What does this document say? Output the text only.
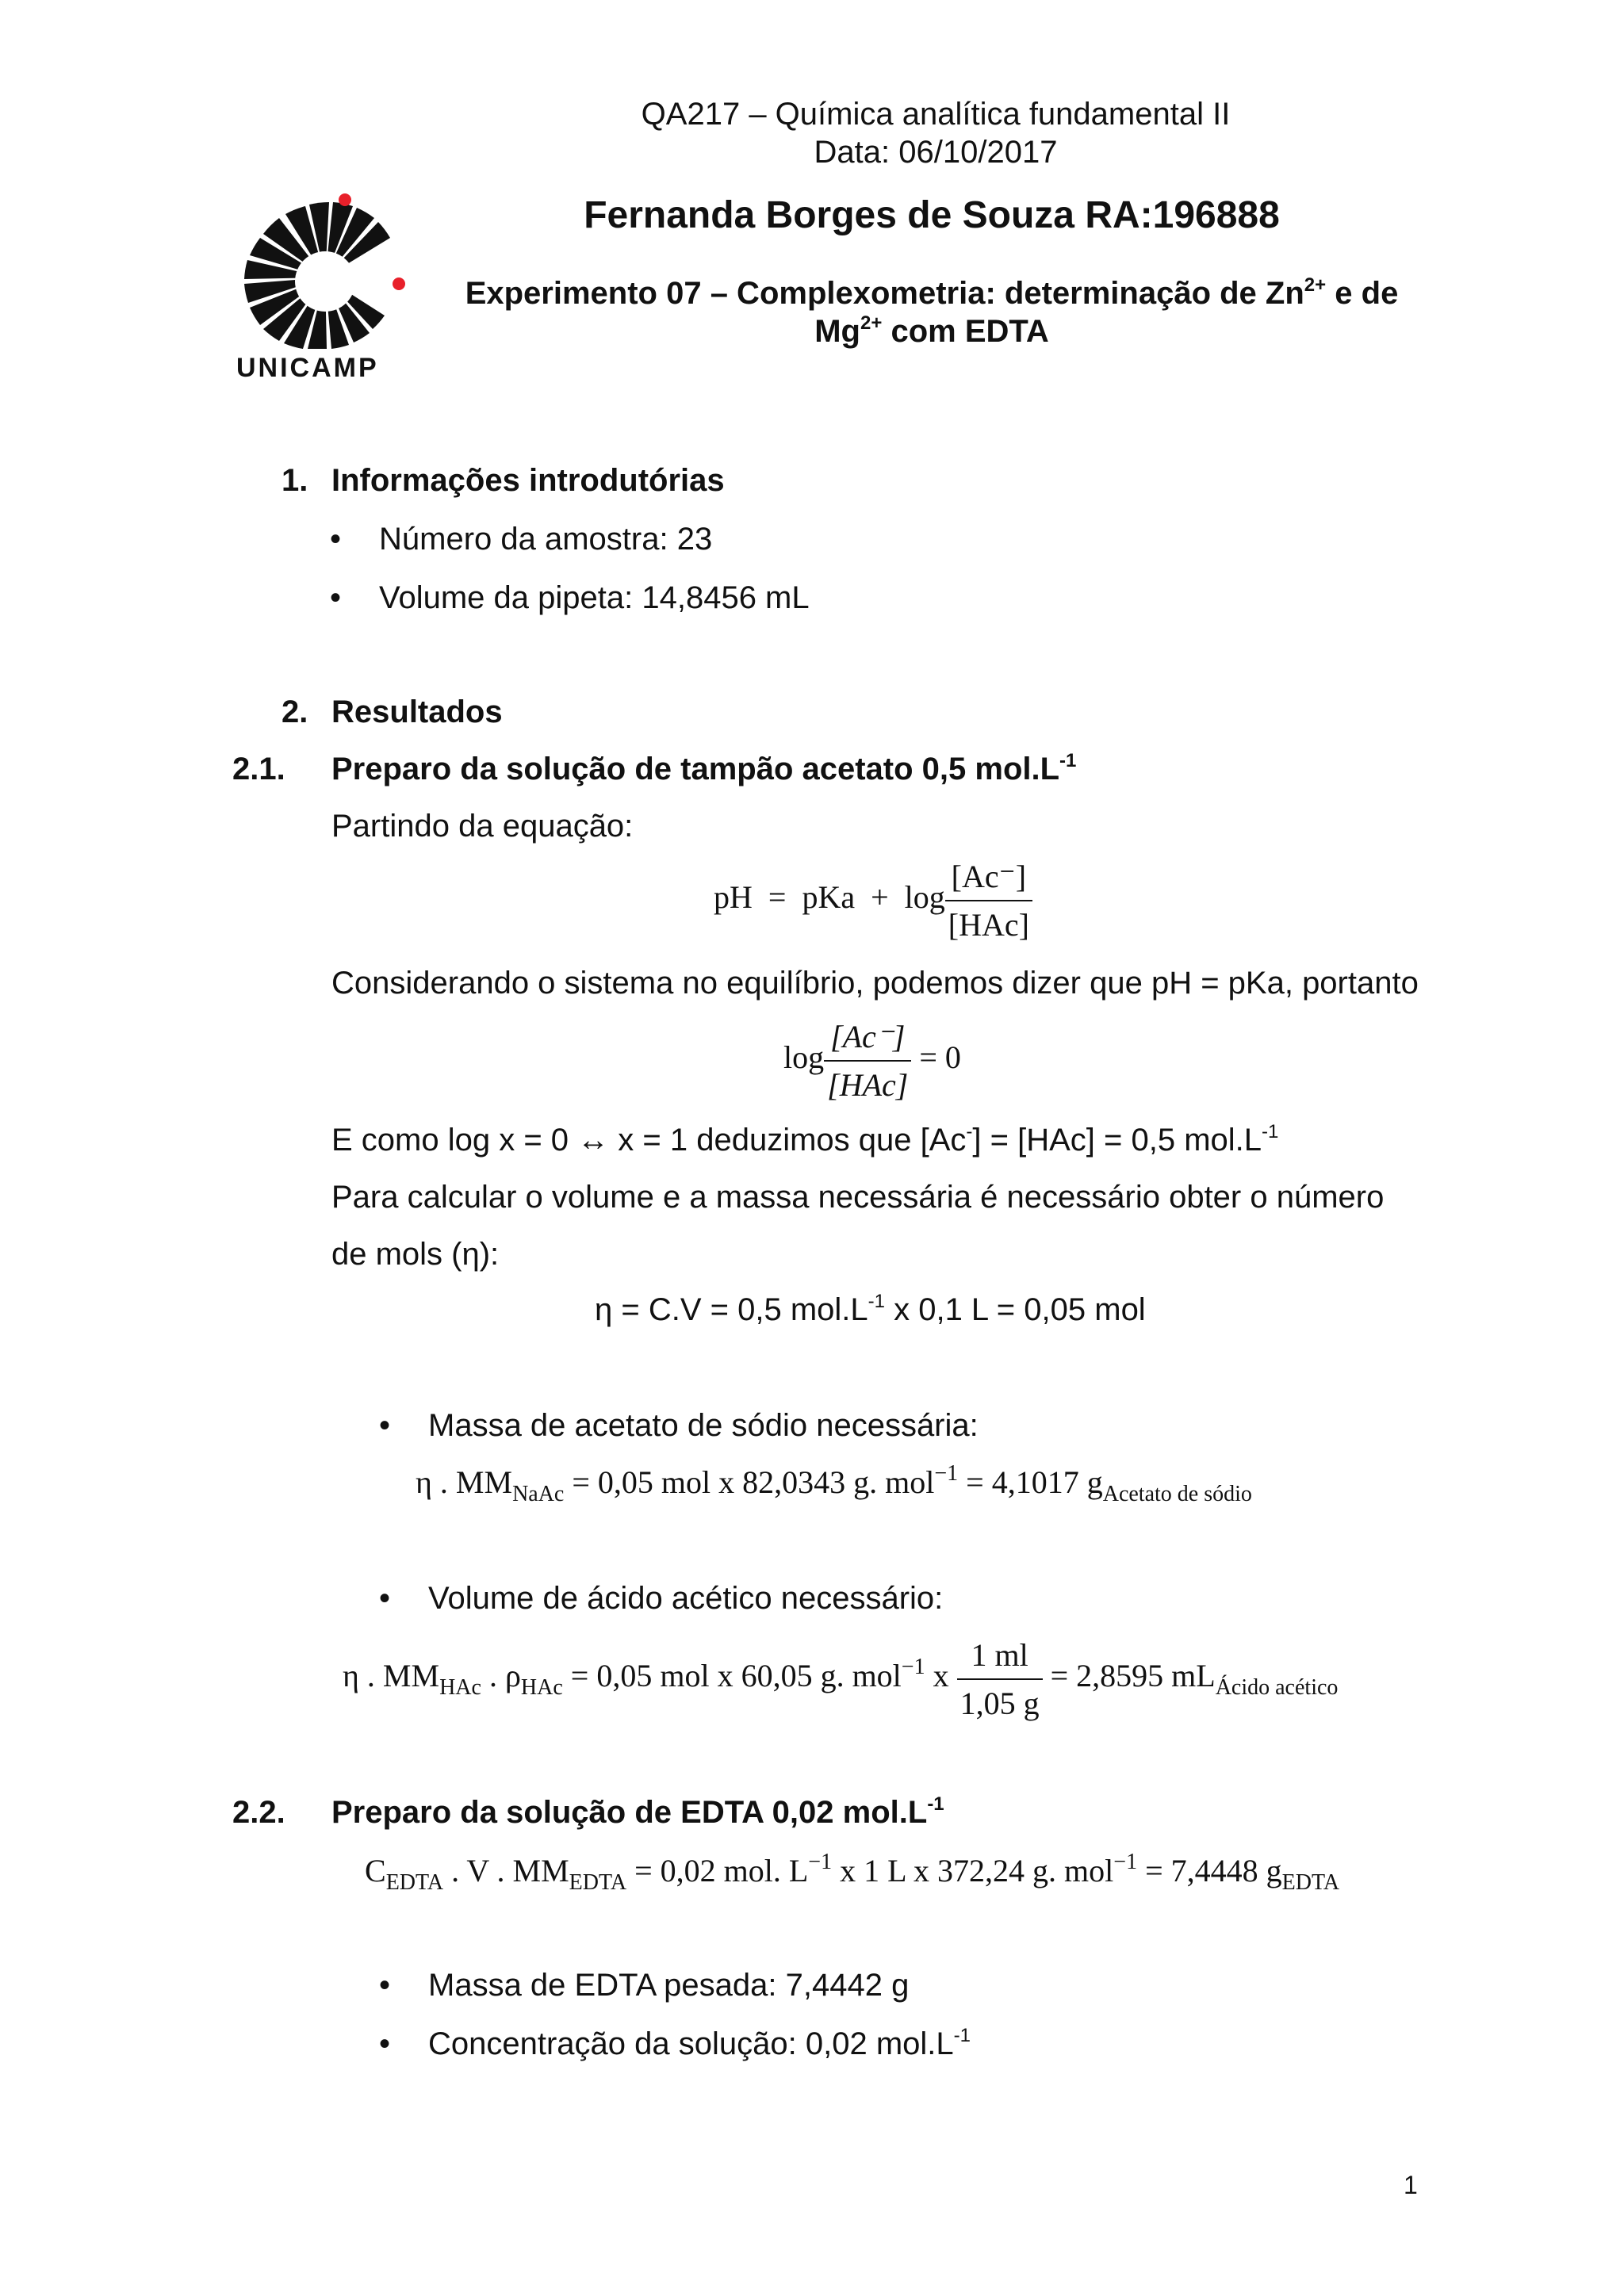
QA217 – Química analítica fundamental II
Data: 06/10/2017
UNICAMP
Fernanda Borges de Souza RA:196888
Experimento 07 – Complexometria: determinação de $Zn^{2+}$ e de
$Mg^{2+}$ com EDTA
1. Informações introdutórias
• Número da amostra: 23
• Volume da pipeta: 14,8456 mL
2. Resultados
2.1. Preparo da solução de tampão acetato 0,5 $mol.L^{-1}$
Partindo da equação:
pH = pKa + $\log \frac{[Ac^-]}{\text{[HAc]}}$
Considerando o sistema no equilíbrio, podemos dizer que pH = pKa, portanto
$\log \frac{[Ac^-]}{\text{[HAc]}} = 0$
E como log x = 0 ↔ x = 1 deduzimos que [Ac-] = [HAc] = 0,5 $mol.L^{-1}$
Para calcular o volume e a massa necessária é necessário obter o número
de mols (η):
η = C.V = 0,5 $mol.L^{-1}$ x 0,1 L = 0,05 mol
• Massa de acetato de sódio necessária:
η . $MM_{NaAc} = 0,05$ mol x 82,0343 g. mol$^{-1}$ = 4,1017 $g_{Acetato de sódio}$
• Volume de ácido acético necessário:
η . $MM_{HAc}$ . $\rho_{HAc} = 0,05$ mol x 60,05 g. mol$^{-1}$ x $\frac{1 ml}{1,05 g} = 2,8595$ $mL_{Ácido acético}$
2.2. Preparo da solução de EDTA 0,02 $mol.L^{-1}$
$C_{EDTA}$ . V . $MM_{EDTA} = 0,02$ mol. $L^{-1}$ x 1 L x 372,24 g. mol$^{-1}$ = 7,4448 $g_{EDTA}$
• Massa de EDTA pesada: 7,4442 g
• Concentração da solução: 0,02 $mol.L^{-1}$
1
